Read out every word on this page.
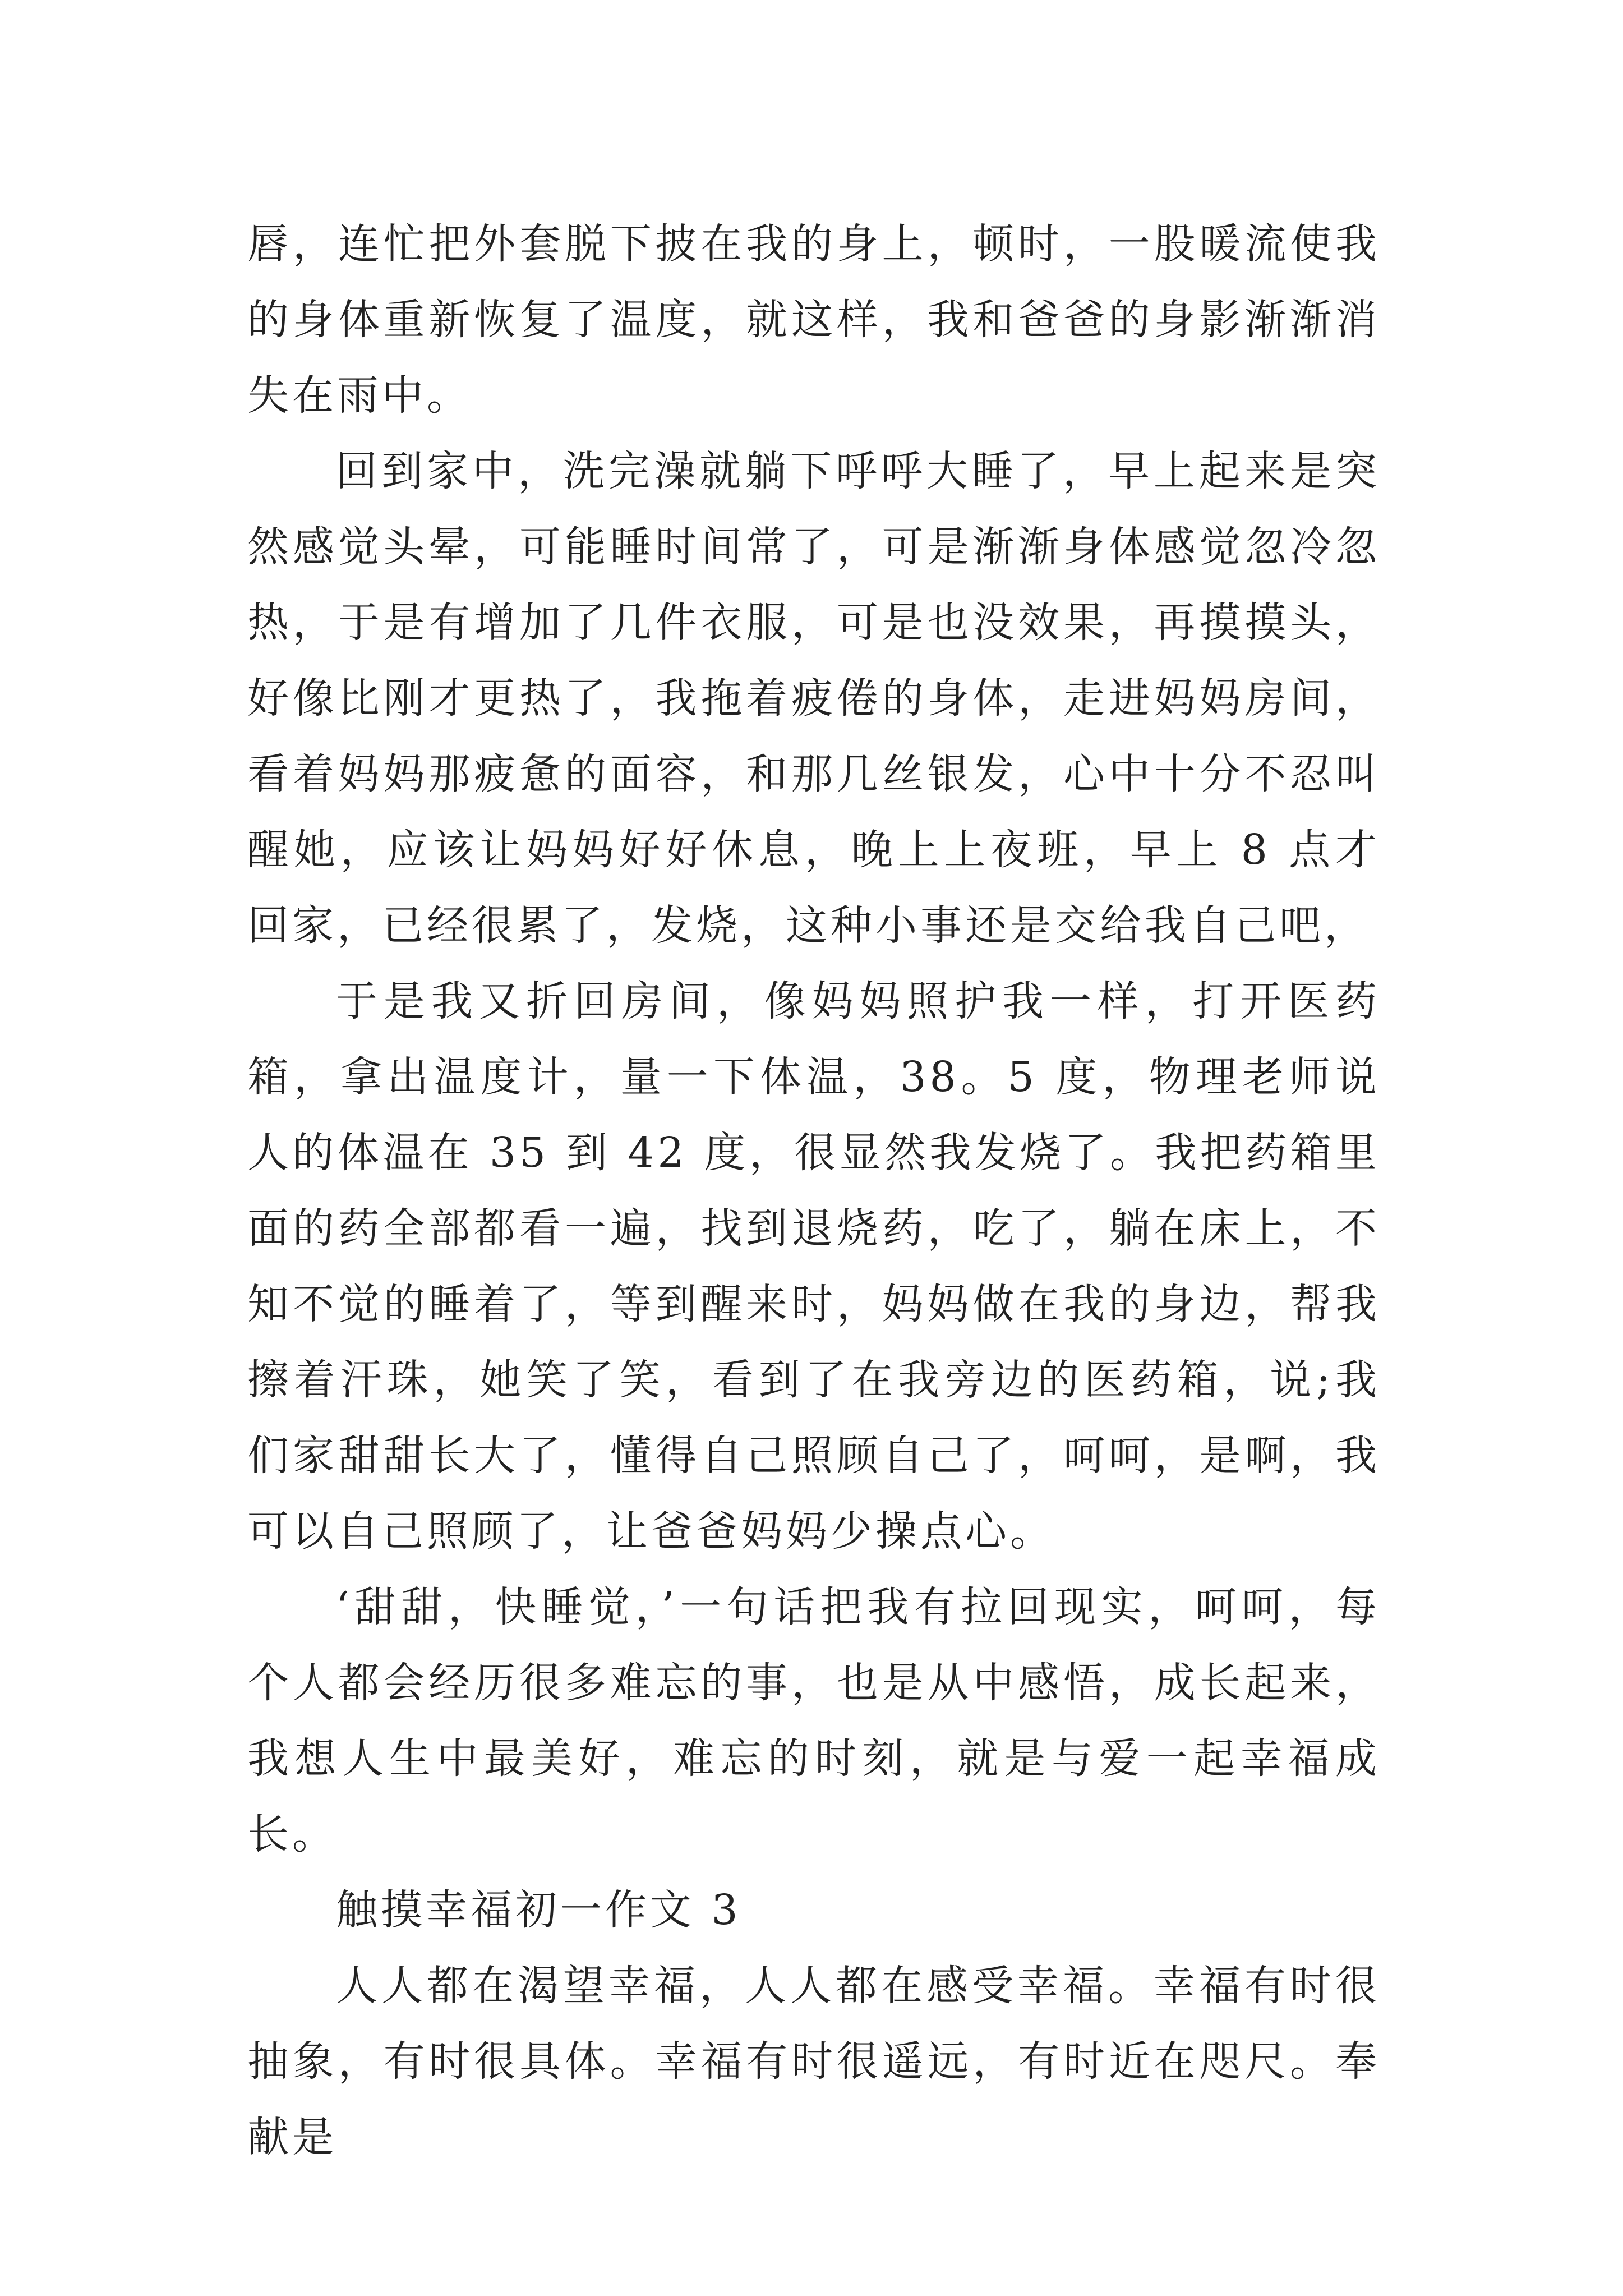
唇，连忙把外套脱下披在我的身上，顿时，一股暖流使我的身体重新恢复了温度，就这样，我和爸爸的身影渐渐消失在雨中。

回到家中，洗完澡就躺下呼呼大睡了，早上起来是突然感觉头晕，可能睡时间常了，可是渐渐身体感觉忽冷忽热，于是有增加了几件衣服，可是也没效果，再摸摸头，好像比刚才更热了，我拖着疲倦的身体，走进妈妈房间，看着妈妈那疲惫的面容，和那几丝银发，心中十分不忍叫醒她，应该让妈妈好好休息，晚上上夜班，早上 8 点才回家，已经很累了，发烧，这种小事还是交给我自己吧，

于是我又折回房间，像妈妈照护我一样，打开医药箱，拿出温度计，量一下体温，38。5 度，物理老师说人的体温在 35 到 42 度，很显然我发烧了。我把药箱里面的药全部都看一遍，找到退烧药，吃了，躺在床上，不知不觉的睡着了，等到醒来时，妈妈做在我的身边，帮我擦着汗珠，她笑了笑，看到了在我旁边的医药箱，说;我们家甜甜长大了，懂得自己照顾自己了，呵呵，是啊，我可以自己照顾了，让爸爸妈妈少操点心。

‘甜甜，快睡觉，’一句话把我有拉回现实，呵呵，每个人都会经历很多难忘的事，也是从中感悟，成长起来，我想人生中最美好，难忘的时刻，就是与爱一起幸福成长。

触摸幸福初一作文 3

人人都在渴望幸福，人人都在感受幸福。幸福有时很抽象，有时很具体。幸福有时很遥远，有时近在咫尺。奉献是
